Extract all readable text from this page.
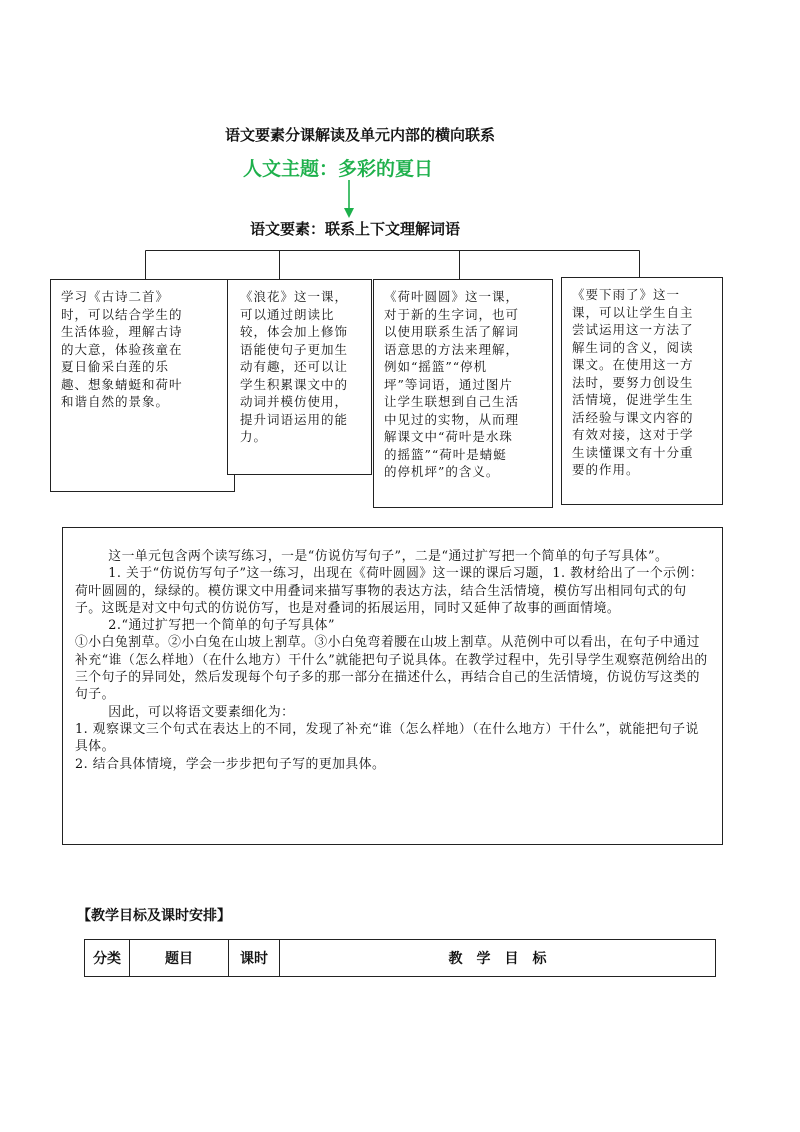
语文要素分课解读及单元内部的横向联系
人文主题：多彩的夏日
语文要素：联系上下文理解词语
学习《古诗二首》
时，可以结合学生的
生活体验，理解古诗
的大意，体验孩童在
夏日偷采白莲的乐
趣、想象蜻蜓和荷叶
和谐自然的景象。
《浪花》这一课，
可以通过朗读比
较，体会加上修饰
语能使句子更加生
动有趣，还可以让
学生积累课文中的
动词并模仿使用，
提升词语运用的能
力。
《荷叶圆圆》这一课，
对于新的生字词，也可
以使用联系生活了解词
语意思的方法来理解，
例如“摇篮”“停机
坪”等词语，通过图片
让学生联想到自己生活
中见过的实物，从而理
解课文中“荷叶是水珠
的摇篮”“荷叶是蜻蜓
的停机坪”的含义。
《要下雨了》这一
课，可以让学生自主
尝试运用这一方法了
解生词的含义，阅读
课文。在使用这一方
法时，要努力创设生
活情境，促进学生生
活经验与课文内容的
有效对接，这对于学
生读懂课文有十分重
要的作用。

这一单元包含两个读写练习，一是“仿说仿写句子”，二是“通过扩写把一个简单的句子写具体”。

1. 关于“仿说仿写句子”这一练习，出现在《荷叶圆圆》这一课的课后习题，1. 教材给出了一个示例：荷叶圆圆的，绿绿的。模仿课文中用叠词来描写事物的表达方法，结合生活情境，模仿写出相同句式的句子。这既是对文中句式的仿说仿写，也是对叠词的拓展运用，同时又延伸了故事的画面情境。

2.“通过扩写把一个简单的句子写具体”

①小白兔割草。②小白兔在山坡上割草。③小白兔弯着腰在山坡上割草。从范例中可以看出，在句子中通过补充“谁（怎么样地）（在什么地方）干什么”就能把句子说具体。在教学过程中，先引导学生观察范例给出的三个句子的异同处，然后发现每个句子多的那一部分在描述什么，再结合自己的生活情境，仿说仿写这类的句子。

因此，可以将语文要素细化为：

1. 观察课文三个句式在表达上的不同，发现了补充“谁（怎么样地）（在什么地方）干什么”，就能把句子说具体。

2. 结合具体情境，学会一步步把句子写的更加具体。

【教学目标及课时安排】
分类	题目	课时	教　学　目　标
